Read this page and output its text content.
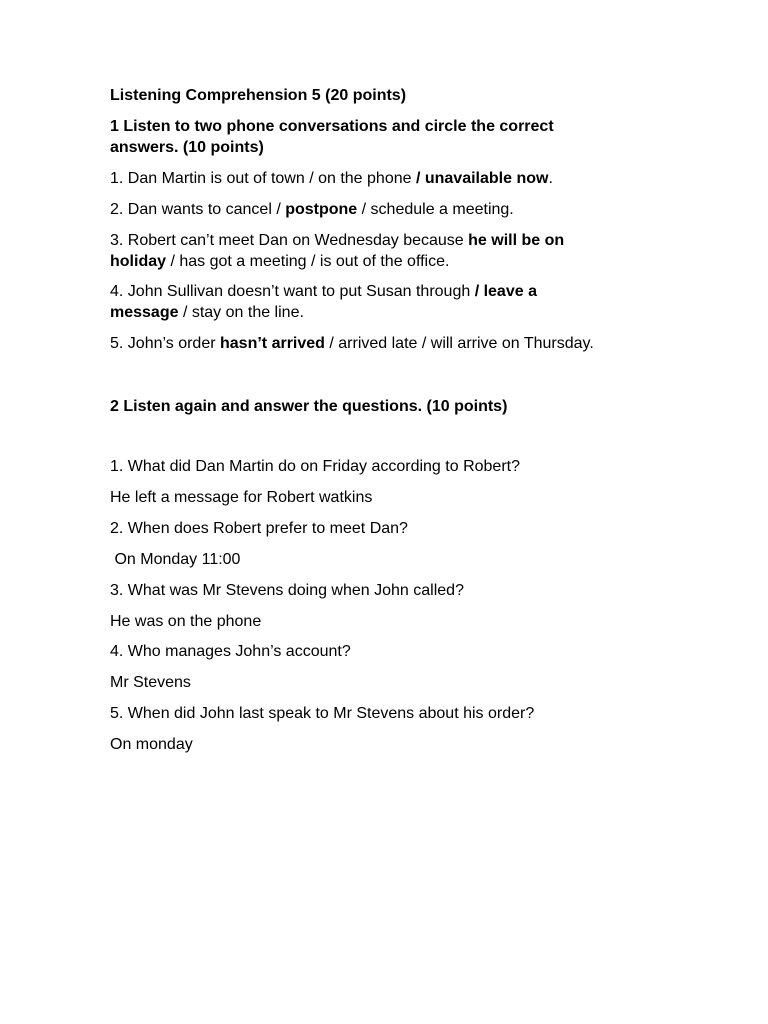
Listening Comprehension 5 (20 points)

1 Listen to two phone conversations and circle the correct

answers. (10 points)

1. Dan Martin is out of town / on the phone / unavailable now.

2. Dan wants to cancel / postpone / schedule a meeting.

3. Robert can’t meet Dan on Wednesday because he will be on

holiday / has got a meeting / is out of the office.

4. John Sullivan doesn’t want to put Susan through / leave a

message / stay on the line.

5. John’s order hasn’t arrived / arrived late / will arrive on Thursday.

2 Listen again and answer the questions. (10 points)

1. What did Dan Martin do on Friday according to Robert?

He left a message for Robert watkins

2. When does Robert prefer to meet Dan?

On Monday 11:00

3. What was Mr Stevens doing when John called?

He was on the phone

4. Who manages John’s account?

Mr Stevens

5. When did John last speak to Mr Stevens about his order?

On monday
